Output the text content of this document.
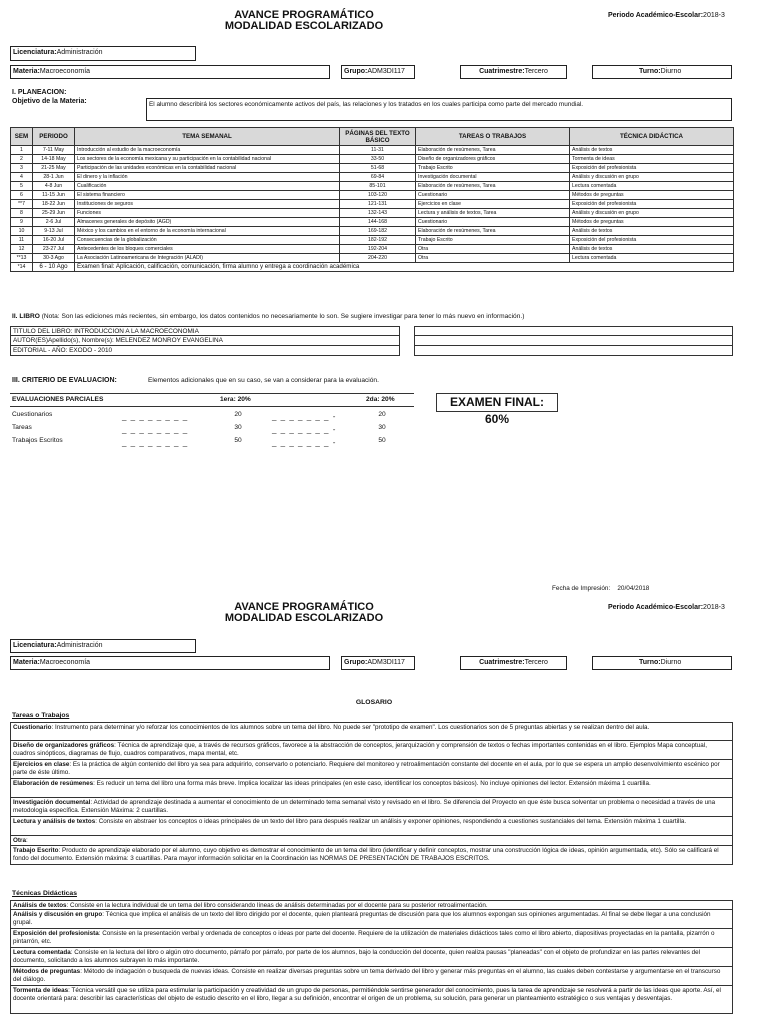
AVANCE PROGRAMÁTICO
MODALIDAD ESCOLARIZADO
Periodo Académico-Escolar:2018-3
Licenciatura:Administración
Materia:Macroeconomía	Grupo:ADM3DI117	Cuatrimestre:Tercero	Turno:Diurno
I. PLANEACION:
Objetivo de la Materia:	El alumno describirá los sectores económicamente activos del país, las relaciones y los tratados en los cuales participa como parte del mercado mundial.
SEM	PERIODO	TEMA SEMANAL	PÁGINAS DEL TEXTO BÁSICO	TAREAS O TRABAJOS	TÉCNICA DIDÁCTICA
1	7-11 May	Introducción al estudio de la macroeconomía	11-31	Elaboración de resúmenes, Tarea	Análisis de textos
2	14-18 May	Los sectores de la economía mexicana y su participación en la contabilidad nacional	33-50	Diseño de organizadores gráficos	Tormenta de ideas
3	21-25 May	Participación de las unidades económicas en la contabilidad nacional	51-68	Trabajo Escrito	Exposición del profesionista
4	28-1 Jun	El dinero y la inflación	69-84	Investigación documental	Análisis y discusión en grupo
5	4-8 Jun	Cualificación	85-101	Elaboración de resúmenes, Tarea	Lectura comentada
6	11-15 Jun	El sistema financiero	103-120	Cuestionario	Métodos de preguntas
**7	18-22 Jun	Instituciones de seguros	121-131	Ejercicios en clase	Exposición del profesionista
8	25-29 Jun	Funciones	132-143	Lectura y análisis de textos, Tarea	Análisis y discusión en grupo
9	2-6 Jul	Almacenes generales de depósito (AGD)	144-168	Cuestionario	Métodos de preguntas
10	9-13 Jul	México y los cambios en el entorno de la economía internacional	169-182	Elaboración de resúmenes, Tarea	Análisis de textos
11	16-20 Jul	Consecuencias de la globalización	182-192	Trabajo Escrito	Exposición del profesionista
12	23-27 Jul	Antecedentes de los bloques comerciales	192-204	Otra	Análisis de textos
**13	30-3 Ago	La Asociación Latinoamericana de Integración (ALADI)	204-220	Otra	Lectura comentada
*14	6 - 10 Ago	Examen final: Aplicación, calificación, comunicación, firma alumno y entrega a coordinación académica			
II. LIBRO (Nota: Son las ediciones más recientes, sin embargo, los datos contenidos no necesariamente lo son. Se sugiere investigar para tener lo más nuevo en información.)
TITULO DEL LIBRO: INTRODUCCION A LA MACROECONOMIA
AUTOR(ES)Apellido(s), Nombre(s): MELENDEZ MONROY EVANGELINA
EDITORIAL - AÑO: EXODO - 2010
III. CRITERIO DE EVALUACION:	Elementos adicionales que en su caso, se van a considerar para la evaluación.
EVALUACIONES PARCIALES	1era: 20%	2da: 20%	EXAMEN FINAL: 60%
Cuestionarios	_ _ _ _ _ _ _ _	20	_ _ _ _ _ _ _ -	20
Tareas	_ _ _ _ _ _ _ _	30	_ _ _ _ _ _ _ -	30
Trabajos Escritos	_ _ _ _ _ _ _ _	50	_ _ _ _ _ _ _ -	50
Fecha de Impresión: 20/04/2018
AVANCE PROGRAMÁTICO
MODALIDAD ESCOLARIZADO
Periodo Académico-Escolar:2018-3
Licenciatura:Administración
Materia:Macroeconomía	Grupo:ADM3DI117	Cuatrimestre:Tercero	Turno:Diurno
GLOSARIO
Tareas o Trabajos
Cuestionario: Instrumento para determinar y/o reforzar los conocimientos de los alumnos sobre un tema del libro. No puede ser "prototipo de examen". Los cuestionarios son de 5 preguntas abiertas y se realizan dentro del aula.
Diseño de organizadores gráficos: Técnica de aprendizaje que, a través de recursos gráficos, favorece a la abstracción de conceptos, jerarquización y comprensión de textos o fechas importantes contenidas en el libro. Ejemplos Mapa conceptual, cuadros sinópticos, diagramas de flujo, cuadros comparativos, mapa mental, etc.
Ejercicios en clase: Es la práctica de algún contenido del libro ya sea para adquirirlo, conservarlo o potenciarlo. Requiere del monitoreo y retroalimentación constante del docente en el aula, por lo que se espera un amplio desenvolvimiento escénico por parte de éste último.
Elaboración de resúmenes: Es reducir un tema del libro una forma más breve. Implica localizar las ideas principales (en este caso, identificar los conceptos básicos). No incluye opiniones del lector. Extensión máxima 1 cuartilla.
Investigación documental: Actividad de aprendizaje destinada a aumentar el conocimiento de un determinado tema semanal visto y revisado en el libro. Se diferencia del Proyecto en que éste busca solventar un problema o necesidad a través de una metodología específica. Extensión Máxima: 2 cuartillas.
Lectura y análisis de textos: Consiste en abstraer los conceptos o ideas principales de un texto del libro para después realizar un análisis y exponer opiniones, respondiendo a cuestiones sustanciales del tema. Extensión máxima 1 cuartilla.
Otra:
Trabajo Escrito: Producto de aprendizaje elaborado por el alumno, cuyo objetivo es demostrar el conocimiento de un tema del libro (identificar y definir conceptos, mostrar una construcción lógica de ideas, opinión argumentada, etc). Sólo se calificará el fondo del documento. Extensión máxima: 3 cuartillas. Para mayor información solicitar en la Coordinación las NORMAS DE PRESENTACIÓN DE TRABAJOS ESCRITOS.
Técnicas Didácticas
Análisis de textos: Consiste en la lectura individual de un tema del libro considerando líneas de análisis determinadas por el docente para su posterior retroalimentación.
Análisis y discusión en grupo: Técnica que implica el análisis de un texto del libro dirigido por el docente, quien planteará preguntas de discusión para que los alumnos expongan sus opiniones argumentadas. Al final se debe llegar a una conclusión grupal.
Exposición del profesionista: Consiste en la presentación verbal y ordenada de conceptos o ideas por parte del docente. Requiere de la utilización de materiales didácticos tales como el libro abierto, diapositivas proyectadas en la pantalla, pizarrón o pintarrón, etc.
Lectura comentada: Consiste en la lectura del libro o algún otro documento, párrafo por párrafo, por parte de los alumnos, bajo la conducción del docente, quien realiza pausas "planeadas" con el objeto de profundizar en las partes relevantes del documento, solicitando a los alumnos subrayen lo más importante.
Métodos de preguntas: Método de indagación o busqueda de nuevas ideas. Consiste en realizar diversas preguntas sobre un tema derivado del libro y generar más preguntas en el alumno, las cuales deben contestarse y argumentarse en el transcurso del diálogo.
Tormenta de ideas: Técnica versátil que se utiliza para estimular la participación y creatividad de un grupo de personas, permitiéndole sentirse generador del conocimiento, pues la tarea de aprendizaje se resolverá a partir de las ideas que aporte. Así, el docente orientará para: describir las características del objeto de estudio descrito en el libro, llegar a su definición, encontrar el origen de un problema, su solución, para generar un planteamiento estratégico o sus ventajas y desventajas.
